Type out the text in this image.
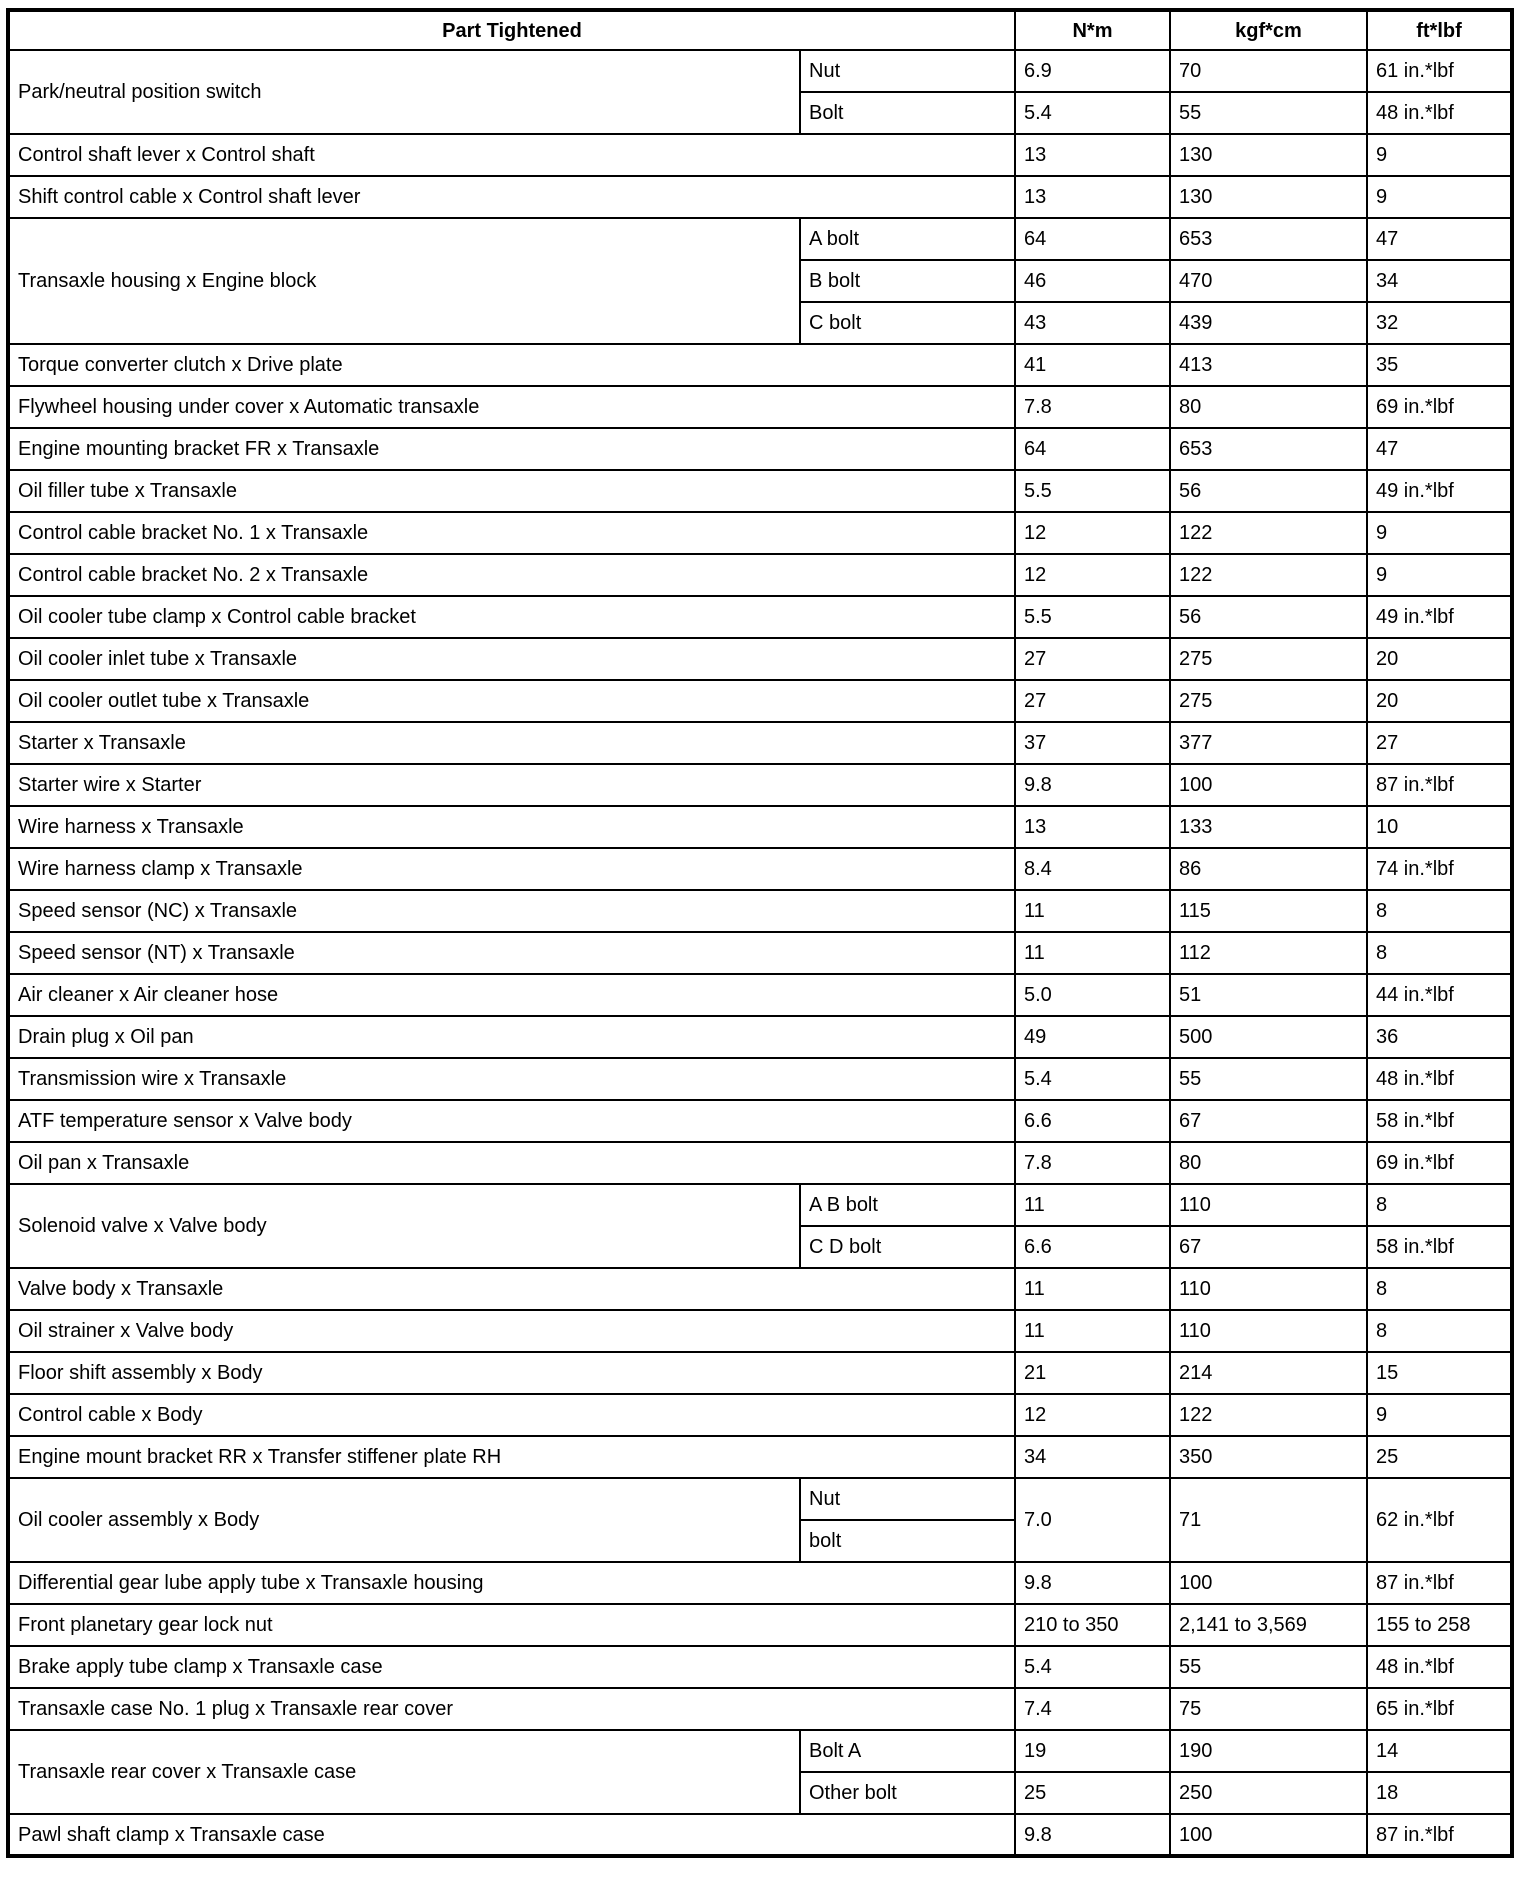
Part Tightened		N*m	kgf*cm	ft*lbf
Park/neutral position switch	Nut	6.9	70	61 in.*lbf
	Bolt	5.4	55	48 in.*lbf
Control shaft lever x Control shaft		13	130	9
Shift control cable x Control shaft lever		13	130	9
Transaxle housing x Engine block	A bolt	64	653	47
	B bolt	46	470	34
	C bolt	43	439	32
Torque converter clutch x Drive plate		41	413	35
Flywheel housing under cover x Automatic transaxle		7.8	80	69 in.*lbf
Engine mounting bracket FR x Transaxle		64	653	47
Oil filler tube x Transaxle		5.5	56	49 in.*lbf
Control cable bracket No. 1 x Transaxle		12	122	9
Control cable bracket No. 2 x Transaxle		12	122	9
Oil cooler tube clamp x Control cable bracket		5.5	56	49 in.*lbf
Oil cooler inlet tube x Transaxle		27	275	20
Oil cooler outlet tube x Transaxle		27	275	20
Starter x Transaxle		37	377	27
Starter wire x Starter		9.8	100	87 in.*lbf
Wire harness x Transaxle		13	133	10
Wire harness clamp x Transaxle		8.4	86	74 in.*lbf
Speed sensor (NC) x Transaxle		11	115	8
Speed sensor (NT) x Transaxle		11	112	8
Air cleaner x Air cleaner hose		5.0	51	44 in.*lbf
Drain plug x Oil pan		49	500	36
Transmission wire x Transaxle		5.4	55	48 in.*lbf
ATF temperature sensor x Valve body		6.6	67	58 in.*lbf
Oil pan x Transaxle		7.8	80	69 in.*lbf
Solenoid valve x Valve body	A B bolt	11	110	8
	C D bolt	6.6	67	58 in.*lbf
Valve body x Transaxle		11	110	8
Oil strainer x Valve body		11	110	8
Floor shift assembly x Body		21	214	15
Control cable x Body		12	122	9
Engine mount bracket RR x Transfer stiffener plate RH		34	350	25
Oil cooler assembly x Body	Nut	7.0	71	62 in.*lbf
	bolt			
Differential gear lube apply tube x Transaxle housing		9.8	100	87 in.*lbf
Front planetary gear lock nut		210 to 350	2,141 to 3,569	155 to 258
Brake apply tube clamp x Transaxle case		5.4	55	48 in.*lbf
Transaxle case No. 1 plug x Transaxle rear cover		7.4	75	65 in.*lbf
Transaxle rear cover x Transaxle case	Bolt A	19	190	14
	Other bolt	25	250	18
Pawl shaft clamp x Transaxle case		9.8	100	87 in.*lbf
